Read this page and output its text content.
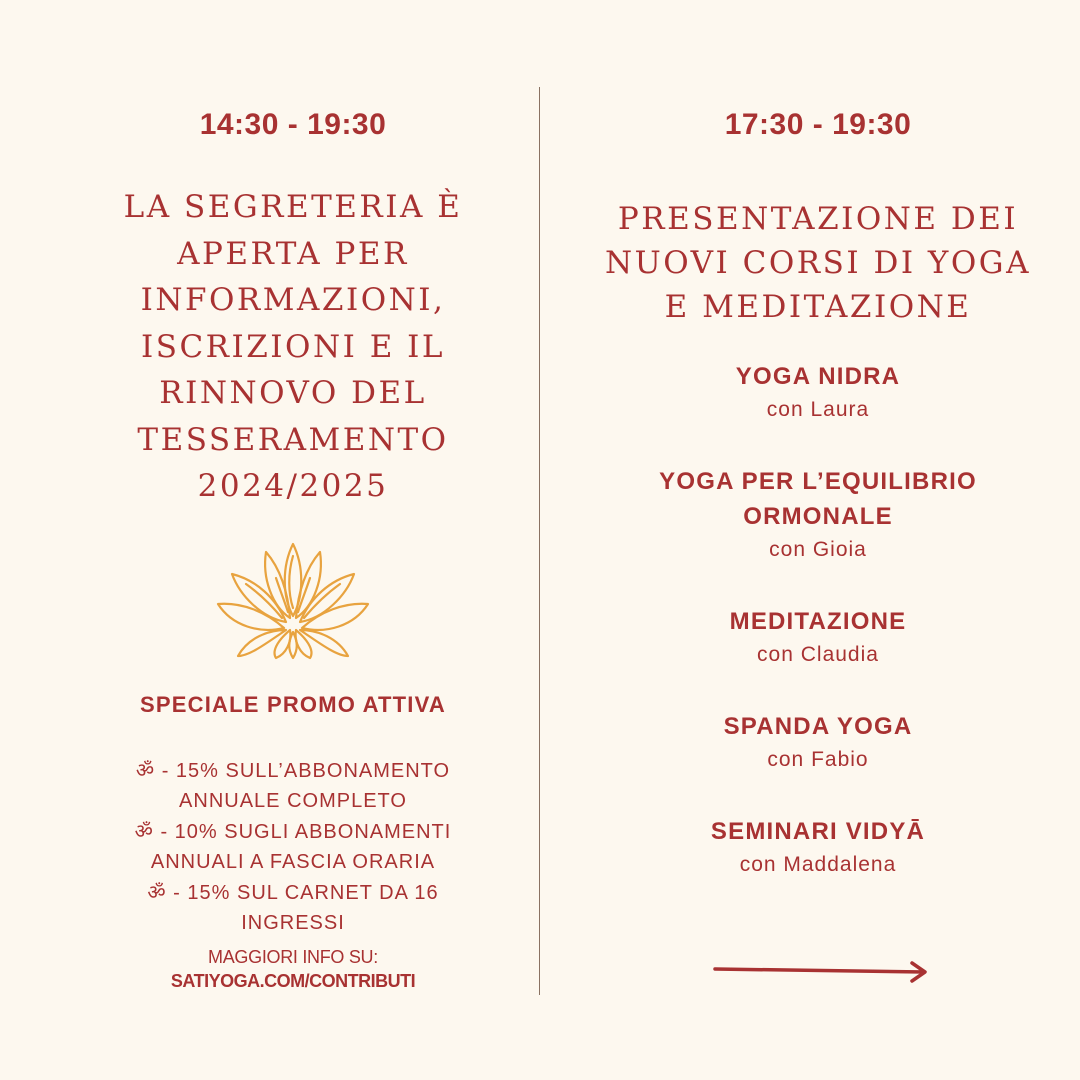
14:30 - 19:30
LA SEGRETERIA È
APERTA PER
INFORMAZIONI,
ISCRIZIONI E IL
RINNOVO DEL
TESSERAMENTO
2024/2025
SPECIALE PROMO ATTIVA
ॐ - 15% SULL’ABBONAMENTO
ANNUALE COMPLETO
ॐ - 10% SUGLI ABBONAMENTI
ANNUALI A FASCIA ORARIA
ॐ - 15% SUL CARNET DA 16
INGRESSI
MAGGIORI INFO SU:
SATIYOGA.COM/CONTRIBUTI
17:30 - 19:30
PRESENTAZIONE DEI
NUOVI CORSI DI YOGA
E MEDITAZIONE
YOGA NIDRA
con Laura
YOGA PER L’EQUILIBRIO
ORMONALE
con Gioia
MEDITAZIONE
con Claudia
SPANDA YOGA
con Fabio
SEMINARI VIDYĀ
con Maddalena
